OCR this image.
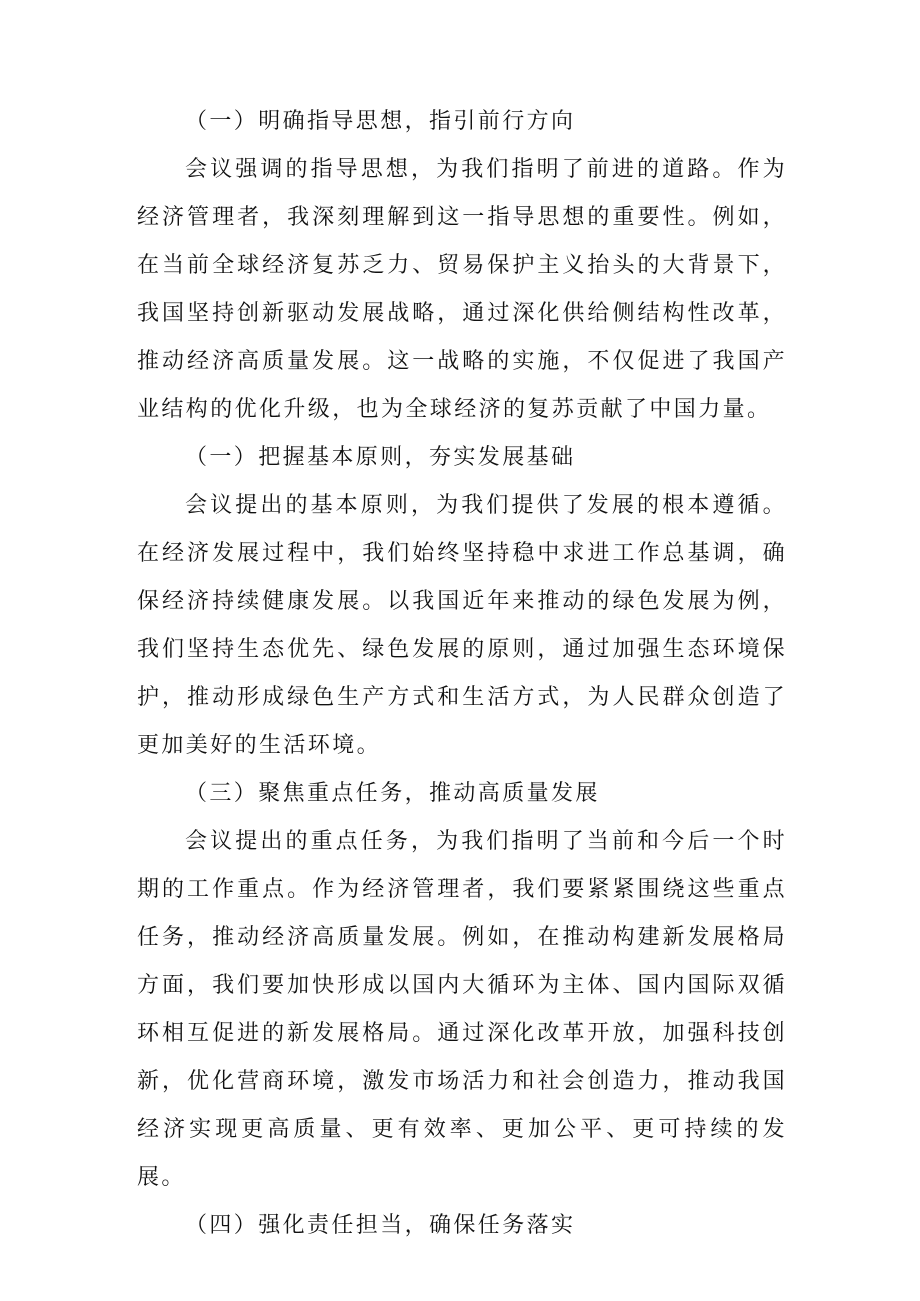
（一）明确指导思想，指引前行方向

会议强调的指导思想，为我们指明了前进的道路。作为经济管理者，我深刻理解到这一指导思想的重要性。例如，在当前全球经济复苏乏力、贸易保护主义抬头的大背景下，我国坚持创新驱动发展战略，通过深化供给侧结构性改革，推动经济高质量发展。这一战略的实施，不仅促进了我国产业结构的优化升级，也为全球经济的复苏贡献了中国力量。

（一）把握基本原则，夯实发展基础

会议提出的基本原则，为我们提供了发展的根本遵循。在经济发展过程中，我们始终坚持稳中求进工作总基调，确保经济持续健康发展。以我国近年来推动的绿色发展为例，我们坚持生态优先、绿色发展的原则，通过加强生态环境保护，推动形成绿色生产方式和生活方式，为人民群众创造了更加美好的生活环境。

（三）聚焦重点任务，推动高质量发展

会议提出的重点任务，为我们指明了当前和今后一个时期的工作重点。作为经济管理者，我们要紧紧围绕这些重点任务，推动经济高质量发展。例如，在推动构建新发展格局方面，我们要加快形成以国内大循环为主体、国内国际双循环相互促进的新发展格局。通过深化改革开放，加强科技创新，优化营商环境，激发市场活力和社会创造力，推动我国经济实现更高质量、更有效率、更加公平、更可持续的发展。

（四）强化责任担当，确保任务落实
